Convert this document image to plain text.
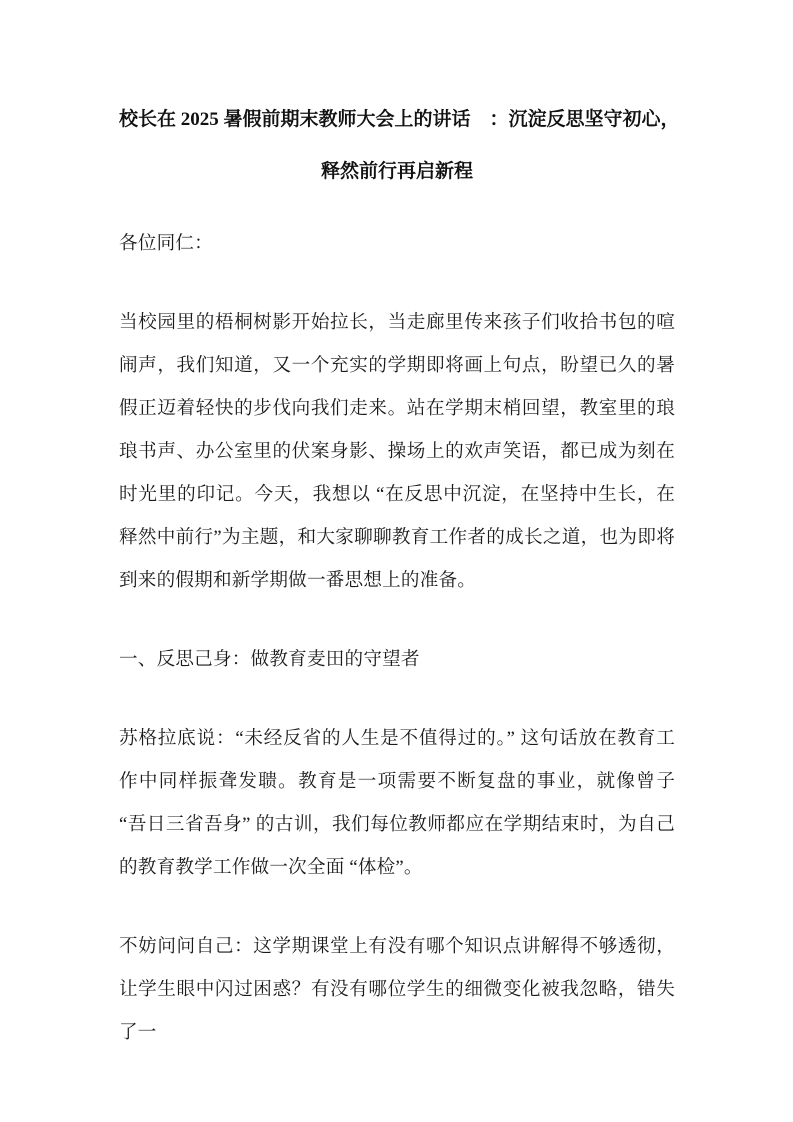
校长在 2025 暑假前期末教师大会上的讲话　：沉淀反思坚守初心，
释然前行再启新程

各位同仁：

当校园里的梧桐树影开始拉长，当走廊里传来孩子们收拾书包的喧闹声，我们知道，又一个充实的学期即将画上句点，盼望已久的暑假正迈着轻快的步伐向我们走来。站在学期末梢回望，教室里的琅琅书声、办公室里的伏案身影、操场上的欢声笑语，都已成为刻在时光里的印记。今天，我想以 “在反思中沉淀，在坚持中生长，在释然中前行”为主题，和大家聊聊教育工作者的成长之道，也为即将到来的假期和新学期做一番思想上的准备。

一、反思己身：做教育麦田的守望者

苏格拉底说：“未经反省的人生是不值得过的。” 这句话放在教育工作中同样振聋发聩。教育是一项需要不断复盘的事业，就像曾子 “吾日三省吾身” 的古训，我们每位教师都应在学期结束时，为自己的教育教学工作做一次全面 “体检”。

不妨问问自己：这学期课堂上有没有哪个知识点讲解得不够透彻，让学生眼中闪过困惑？有没有哪位学生的细微变化被我忽略，错失了一
